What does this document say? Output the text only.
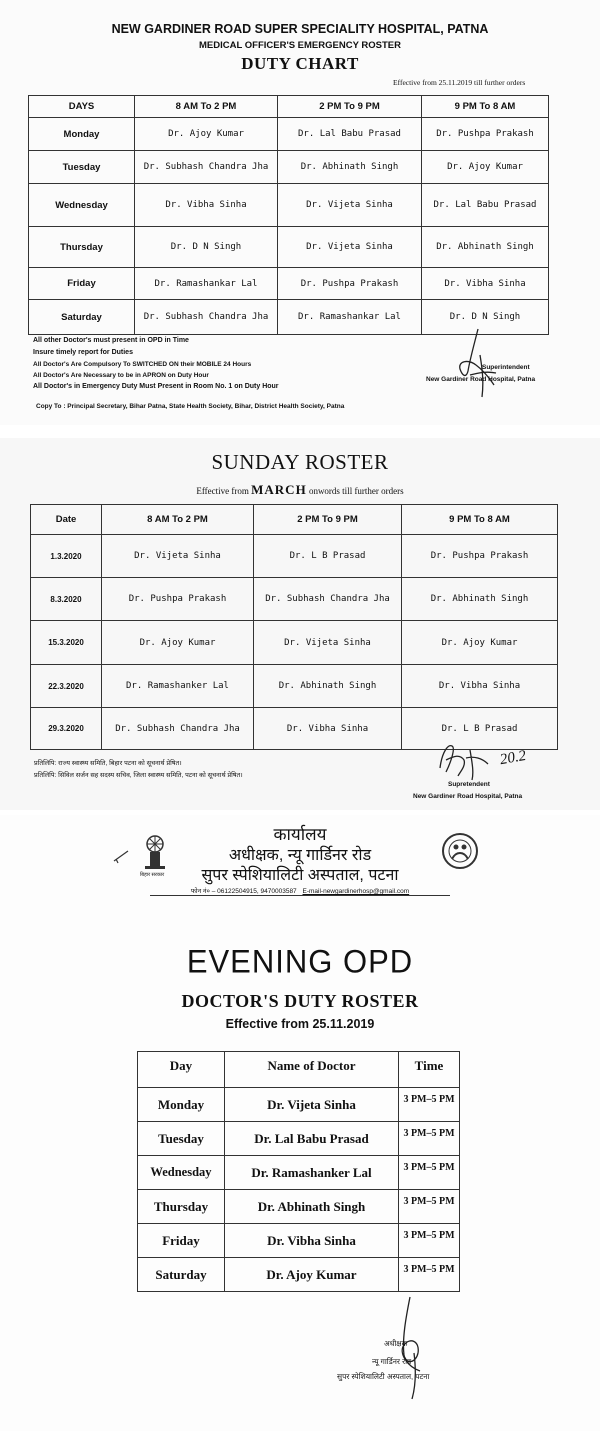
NEW GARDINER ROAD SUPER SPECIALITY HOSPITAL, PATNA
MEDICAL OFFICER'S EMERGENCY ROSTER
DUTY CHART
Effective from 25.11.2019 till further orders
DAYS	8 AM To 2 PM	2 PM To 9 PM	9 PM To 8 AM
Monday	Dr. Ajoy Kumar	Dr. Lal Babu Prasad	Dr. Pushpa Prakash
Tuesday	Dr. Subhash Chandra Jha	Dr. Abhinath Singh	Dr. Ajoy Kumar
Wednesday	Dr. Vibha Sinha	Dr. Vijeta Sinha	Dr. Lal Babu Prasad
Thursday	Dr. D N Singh	Dr. Vijeta Sinha	Dr. Abhinath Singh
Friday	Dr. Ramashankar Lal	Dr. Pushpa Prakash	Dr. Vibha Sinha
Saturday	Dr. Subhash Chandra Jha	Dr. Ramashankar Lal	Dr. D N Singh
All other Doctor's must present in OPD in Time
Insure timely report for Duties
All Doctor's Are Compulsory To SWITCHED ON their MOBILE 24 Hours
All Doctor's Are Necessary to be in APRON on Duty Hour
All Doctor's in Emergency Duty Must Present in Room No. 1 on Duty Hour
Superintendent
New Gardiner Road Hospital, Patna
Copy To : Principal Secretary, Bihar Patna, State Health Society, Bihar, District Health Society, Patna
SUNDAY ROSTER
Effective from MARCH onwords till further orders
Date	8 AM To 2 PM	2 PM To 9 PM	9 PM To 8 AM
1.3.2020	Dr. Vijeta Sinha	Dr. L B Prasad	Dr. Pushpa Prakash
8.3.2020	Dr. Pushpa Prakash	Dr. Subhash Chandra Jha	Dr. Abhinath Singh
15.3.2020	Dr. Ajoy Kumar	Dr. Vijeta Sinha	Dr. Ajoy Kumar
22.3.2020	Dr. Ramashanker Lal	Dr. Abhinath Singh	Dr. Vibha Sinha
29.3.2020	Dr. Subhash Chandra Jha	Dr. Vibha Sinha	Dr. L B Prasad
प्रतिलिपि: राज्य स्वास्थ्य समिति, बिहार पटना को सूचनार्थ प्रेषित।
प्रतिलिपि: सिविल सर्जन सह सदस्य सचिव, जिला स्वास्थ्य समिति, पटना को सूचनार्थ प्रेषित।
20.2
Supretendent
New Gardiner Road Hospital, Patna
बिहार सरकार
कार्यालय
अधीक्षक, न्यू गार्डिनर रोड
सुपर स्पेशियालिटी अस्पताल, पटना
फोन नं० – 06122504915, 9470003587 E-mail-newgardinerhosp@gmail.com
EVENING OPD
DOCTOR'S DUTY ROSTER
Effective from 25.11.2019
Day	Name of Doctor	Time
Monday	Dr. Vijeta Sinha	3 PM–5 PM
Tuesday	Dr. Lal Babu Prasad	3 PM–5 PM
Wednesday	Dr. Ramashanker Lal	3 PM–5 PM
Thursday	Dr. Abhinath Singh	3 PM–5 PM
Friday	Dr. Vibha Sinha	3 PM–5 PM
Saturday	Dr. Ajoy Kumar	3 PM–5 PM
अधीक्षक
न्यू गार्डिनर रोड
सुपर स्पेशियालिटी अस्पताल, पटना
